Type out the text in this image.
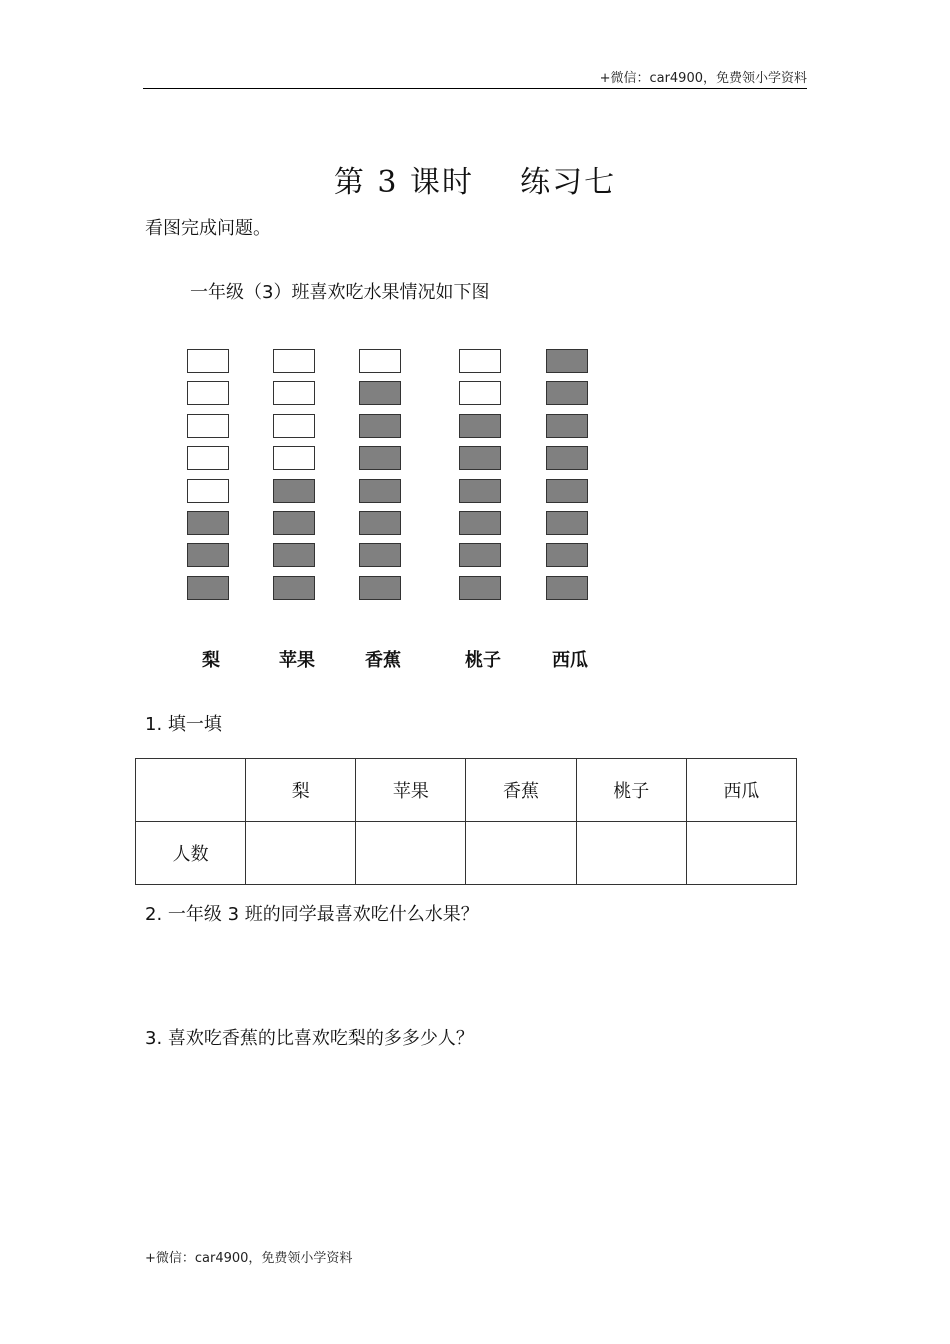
+微信：car4900，免费领小学资料
第 3 课时    练习七
看图完成问题。
一年级（3）班喜欢吃水果情况如下图
梨	苹果	香蕉	桃子	西瓜
1. 填一填
	梨	苹果	香蕉	桃子	西瓜
人数					
2. 一年级 3 班的同学最喜欢吃什么水果？
3. 喜欢吃香蕉的比喜欢吃梨的多多少人？
+微信：car4900，免费领小学资料
